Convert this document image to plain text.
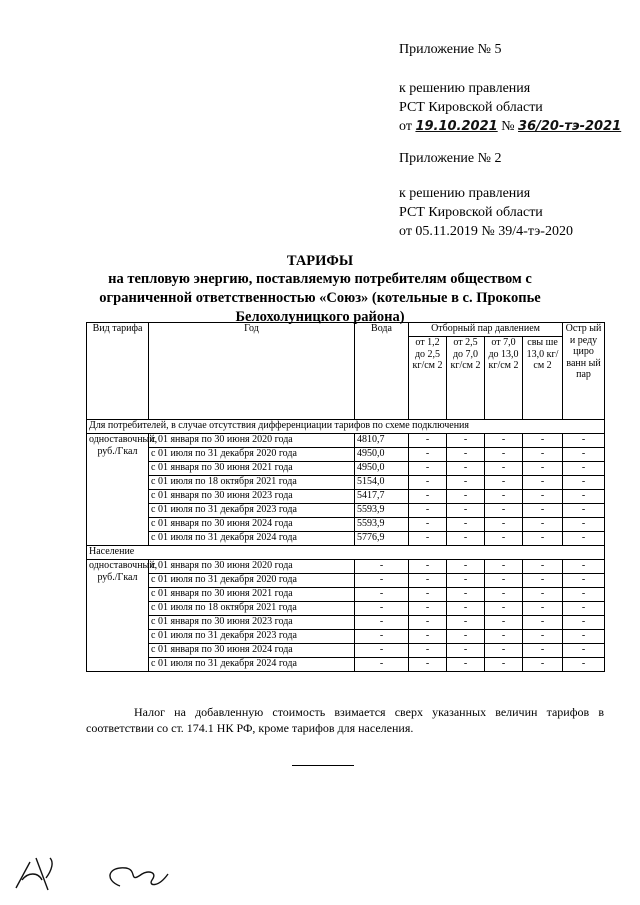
Приложение № 5
к решению правления
РСТ Кировской области
от 19.10.2021 № 36/20-тэ-2021
Приложение № 2
к решению правления
РСТ Кировской области
от 05.11.2019 № 39/4-тэ-2020
ТАРИФЫ
на тепловую энергию, поставляемую потребителям обществом с
ограниченной ответственностью «Союз» (котельные в с. Прокопье
Белохолуницкого района)
Вид тарифа	Год	Вода	Отборный пар давлением				Остр ый и реду циро ванн ый пар
			от 1,2 до 2,5 кг/см 2	от 2,5 до 7,0 кг/см 2	от 7,0 до 13,0 кг/см 2	свы ше 13,0 кг/см 2	
Для потребителей, в случае отсутствия дифференциации тарифов по схеме подключения							
одноставочный, руб./Гкал	с 01 января по 30 июня 2020 года	4810,7	-	-	-	-	-
	с 01 июля по 31 декабря 2020 года	4950,0	-	-	-	-	-
	с 01 января по 30 июня 2021 года	4950,0	-	-	-	-	-
	с 01 июля по 18 октября 2021 года	5154,0	-	-	-	-	-
	с 01 января по 30 июня 2023 года	5417,7	-	-	-	-	-
	с 01 июля по 31 декабря 2023 года	5593,9	-	-	-	-	-
	с 01 января по 30 июня 2024 года	5593,9	-	-	-	-	-
	с 01 июля по 31 декабря 2024 года	5776,9	-	-	-	-	-
Население							
одноставочный, руб./Гкал	с 01 января по 30 июня 2020 года	-	-	-	-	-	-
	с 01 июля по 31 декабря 2020 года	-	-	-	-	-	-
	с 01 января по 30 июня 2021 года	-	-	-	-	-	-
	с 01 июля по 18 октября 2021 года	-	-	-	-	-	-
	с 01 января по 30 июня 2023 года	-	-	-	-	-	-
	с 01 июля по 31 декабря 2023 года	-	-	-	-	-	-
	с 01 января по 30 июня 2024 года	-	-	-	-	-	-
	с 01 июля по 31 декабря 2024 года	-	-	-	-	-	-
Налог на добавленную стоимость взимается сверх указанных величин тарифов в соответствии со ст. 174.1 НК РФ, кроме тарифов для населения.
